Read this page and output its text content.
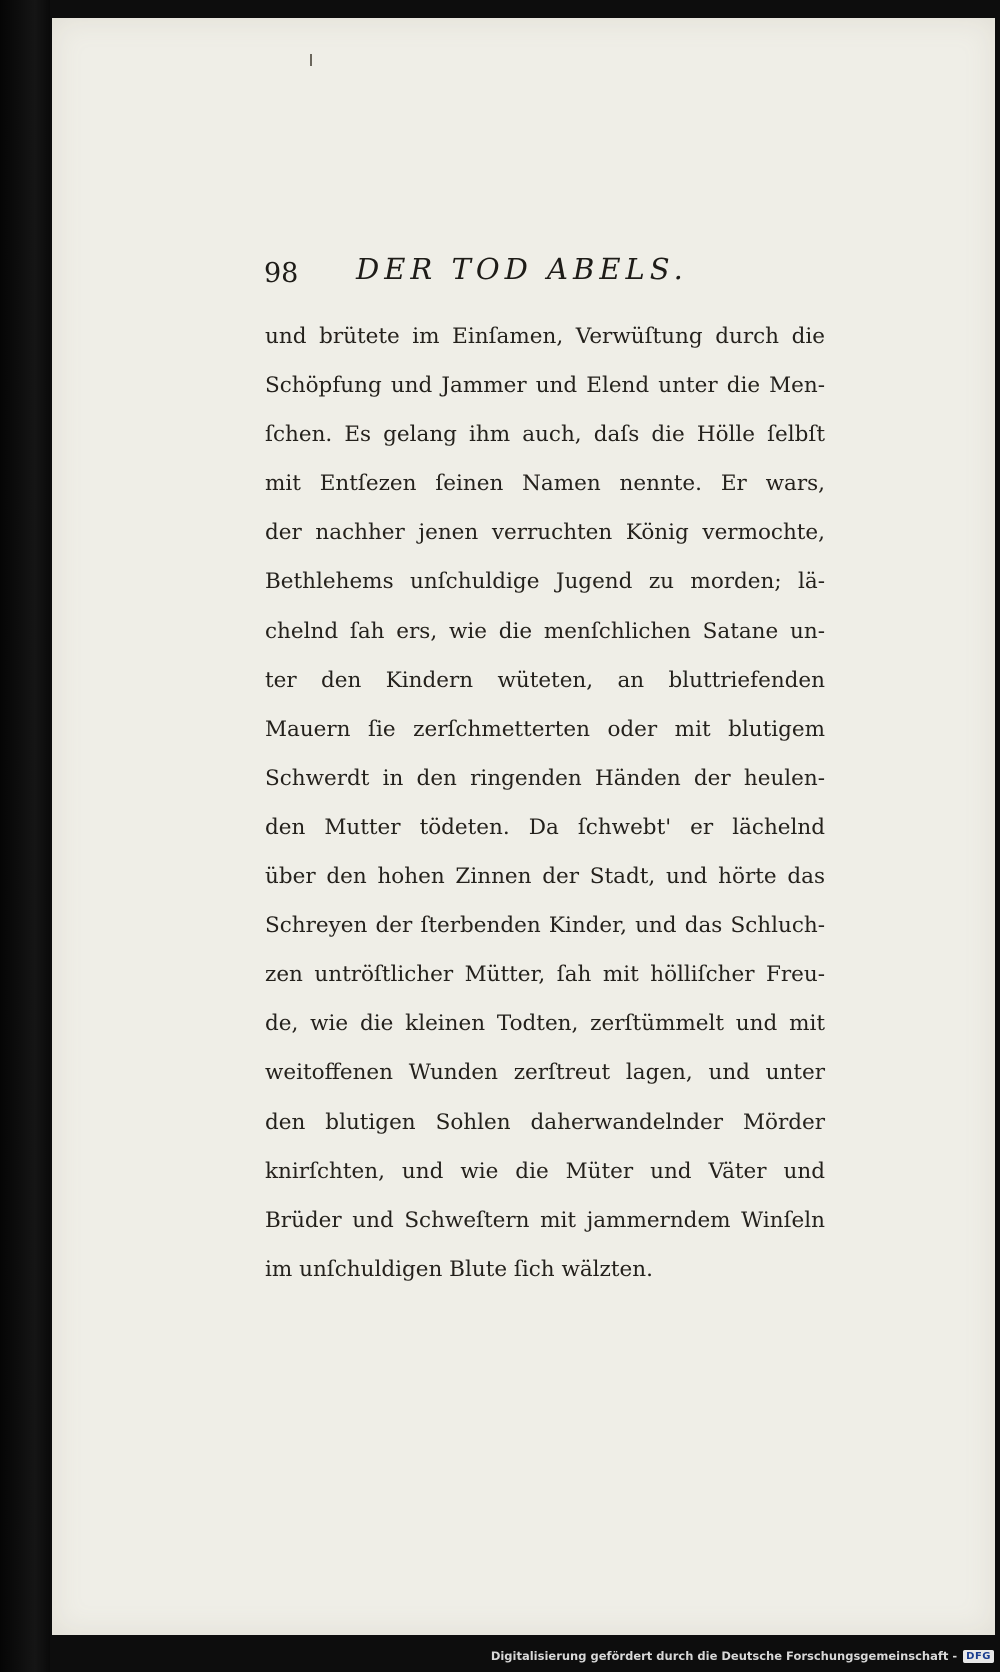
98 DER TOD ABELS.
und brütete im Einſamen, Verwüſtung durch die
Schöpfung und Jammer und Elend unter die Men-
ſchen. Es gelang ihm auch, daſs die Hölle ſelbſt
mit Entſezen ſeinen Namen nennte. Er wars,
der nachher jenen verruchten König vermochte,
Bethlehems unſchuldige Jugend zu morden; lä-
chelnd ſah ers, wie die menſchlichen Satane un-
ter den Kindern wüteten, an bluttriefenden
Mauern ſie zerſchmetterten oder mit blutigem
Schwerdt in den ringenden Händen der heulen-
den Mutter tödeten. Da ſchwebt' er lächelnd
über den hohen Zinnen der Stadt, und hörte das
Schreyen der ſterbenden Kinder, und das Schluch-
zen untröſtlicher Mütter, ſah mit hölliſcher Freu-
de, wie die kleinen Todten, zerſtümmelt und mit
weitoffenen Wunden zerſtreut lagen, und unter
den blutigen Sohlen daherwandelnder Mörder
knirſchten, und wie die Müter und Väter und
Brüder und Schweſtern mit jammerndem Winſeln
im unſchuldigen Blute ſich wälzten.
Digitalisierung gefördert durch die Deutsche Forschungsgemeinschaft - DFG
